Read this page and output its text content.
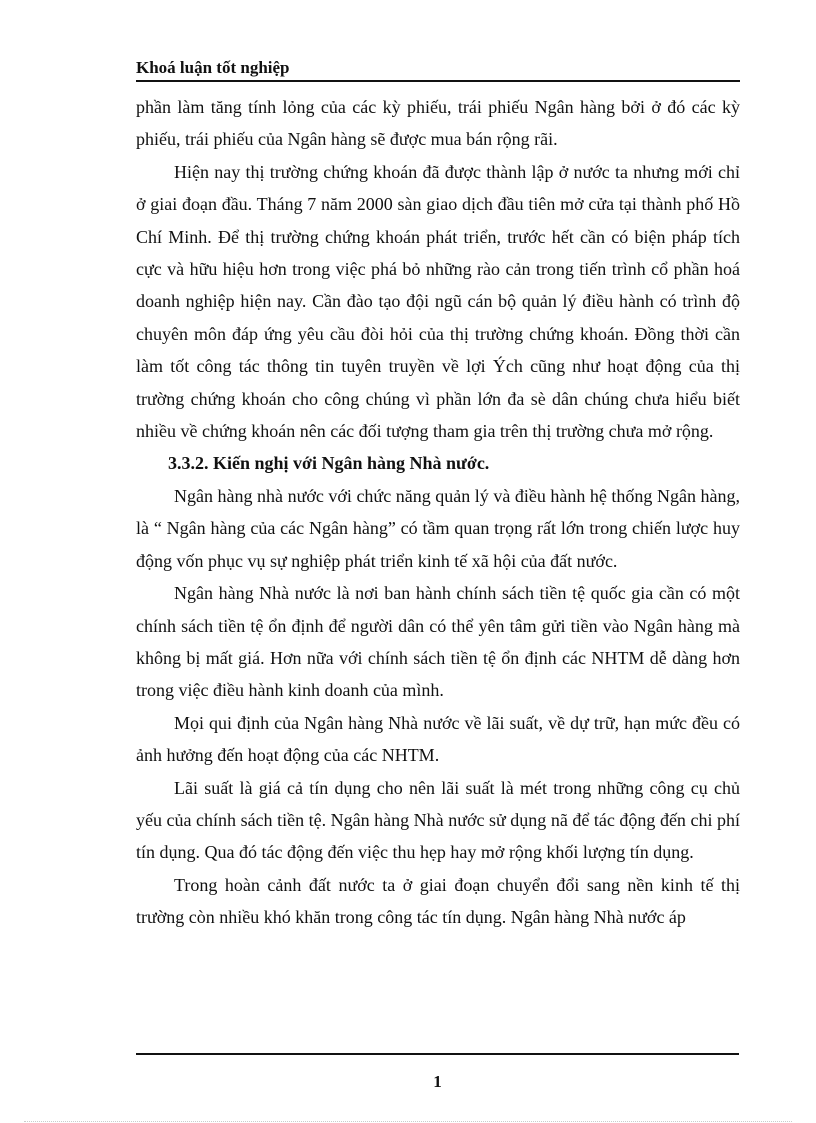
Khoá luận tốt nghiệp

phần làm tăng tính lỏng của các kỳ phiếu, trái phiếu Ngân hàng bởi ở đó các kỳ phiếu, trái phiếu của Ngân hàng sẽ được mua bán rộng rãi.

Hiện nay thị trường chứng khoán đã được thành lập ở nước ta nhưng mới chỉ ở giai đoạn đầu. Tháng 7 năm 2000 sàn giao dịch đầu tiên mở cửa tại thành phố Hồ Chí Minh. Để thị trường chứng khoán phát triển, trước hết cần có biện pháp tích cực và hữu hiệu hơn trong việc phá bỏ những rào cản trong tiến trình cổ phần hoá doanh nghiệp hiện nay. Cần đào tạo đội ngũ cán bộ quản lý điều hành có trình độ chuyên môn đáp ứng yêu cầu đòi hỏi của thị trường chứng khoán. Đồng thời cần làm tốt công tác thông tin tuyên truyền về lợi Ých cũng như hoạt động của thị trường chứng khoán cho công chúng vì phần lớn đa sè dân chúng chưa hiểu biết nhiều về chứng khoán nên các đối tượng tham gia trên thị trường chưa mở rộng.

3.3.2. Kiến nghị với Ngân hàng Nhà nước.

Ngân hàng nhà nước với chức năng quản lý và điều hành hệ thống Ngân hàng, là “ Ngân hàng của các Ngân hàng” có tầm quan trọng rất lớn trong chiến lược huy động vốn phục vụ sự nghiệp phát triển kinh tế xã hội của đất nước.

Ngân hàng Nhà nước là nơi ban hành chính sách tiền tệ quốc gia cần có một chính sách tiền tệ ổn định để người dân có thể yên tâm gửi tiền vào Ngân hàng mà không bị mất giá. Hơn nữa với chính sách tiền tệ ổn định các NHTM dễ dàng hơn trong việc điều hành kinh doanh của mình.

Mọi qui định của Ngân hàng Nhà nước về lãi suất, về dự trữ, hạn mức đều có ảnh hưởng đến hoạt động của các NHTM.

Lãi suất là giá cả tín dụng cho nên lãi suất là mét trong những công cụ chủ yếu của chính sách tiền tệ. Ngân hàng Nhà nước sử dụng nã để tác động đến chi phí tín dụng. Qua đó tác động đến việc thu hẹp hay mở rộng khối lượng tín dụng.

Trong hoàn cảnh đất nước ta ở giai đoạn chuyển đổi sang nền kinh tế thị trường còn nhiều khó khăn trong công tác tín dụng. Ngân hàng Nhà nước áp

1
